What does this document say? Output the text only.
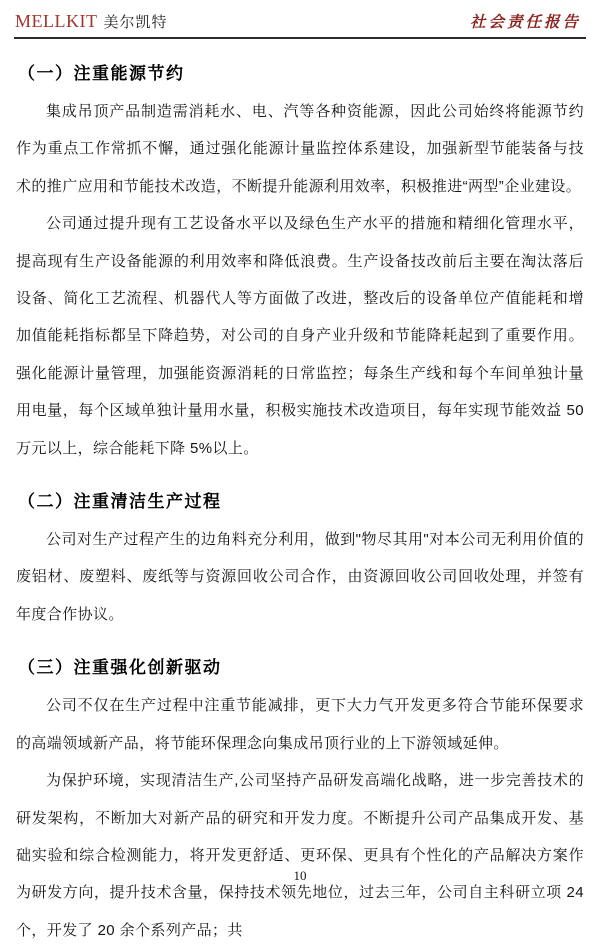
MELLKIT 美尔凯特	社会责任报告
（一）注重能源节约

集成吊顶产品制造需消耗水、电、汽等各种资能源，因此公司始终将能源节约作为重点工作常抓不懈，通过强化能源计量监控体系建设，加强新型节能装备与技术的推广应用和节能技术改造，不断提升能源利用效率，积极推进“两型”企业建设。

公司通过提升现有工艺设备水平以及绿色生产水平的措施和精细化管理水平，提高现有生产设备能源的利用效率和降低浪费。生产设备技改前后主要在淘汰落后设备、简化工艺流程、机器代人等方面做了改进，整改后的设备单位产值能耗和增加值能耗指标都呈下降趋势，对公司的自身产业升级和节能降耗起到了重要作用。强化能源计量管理，加强能资源消耗的日常监控；每条生产线和每个车间单独计量用电量，每个区域单独计量用水量，积极实施技术改造项目，每年实现节能效益 50 万元以上，综合能耗下降 5%以上。

（二）注重清洁生产过程

公司对生产过程产生的边角料充分利用，做到"物尽其用"对本公司无利用价值的废铝材、废塑料、废纸等与资源回收公司合作，由资源回收公司回收处理，并签有年度合作协议。

（三）注重强化创新驱动

公司不仅在生产过程中注重节能减排，更下大力气开发更多符合节能环保要求的高端领域新产品，将节能环保理念向集成吊顶行业的上下游领域延伸。

为保护环境，实现清洁生产,公司坚持产品研发高端化战略，进一步完善技术的研发架构，不断加大对新产品的研究和开发力度。不断提升公司产品集成开发、基础实验和综合检测能力，将开发更舒适、更环保、更具有个性化的产品解决方案作为研发方向，提升技术含量，保持技术领先地位，过去三年，公司自主科研立项 24 个，开发了 20 余个系列产品；共

10
